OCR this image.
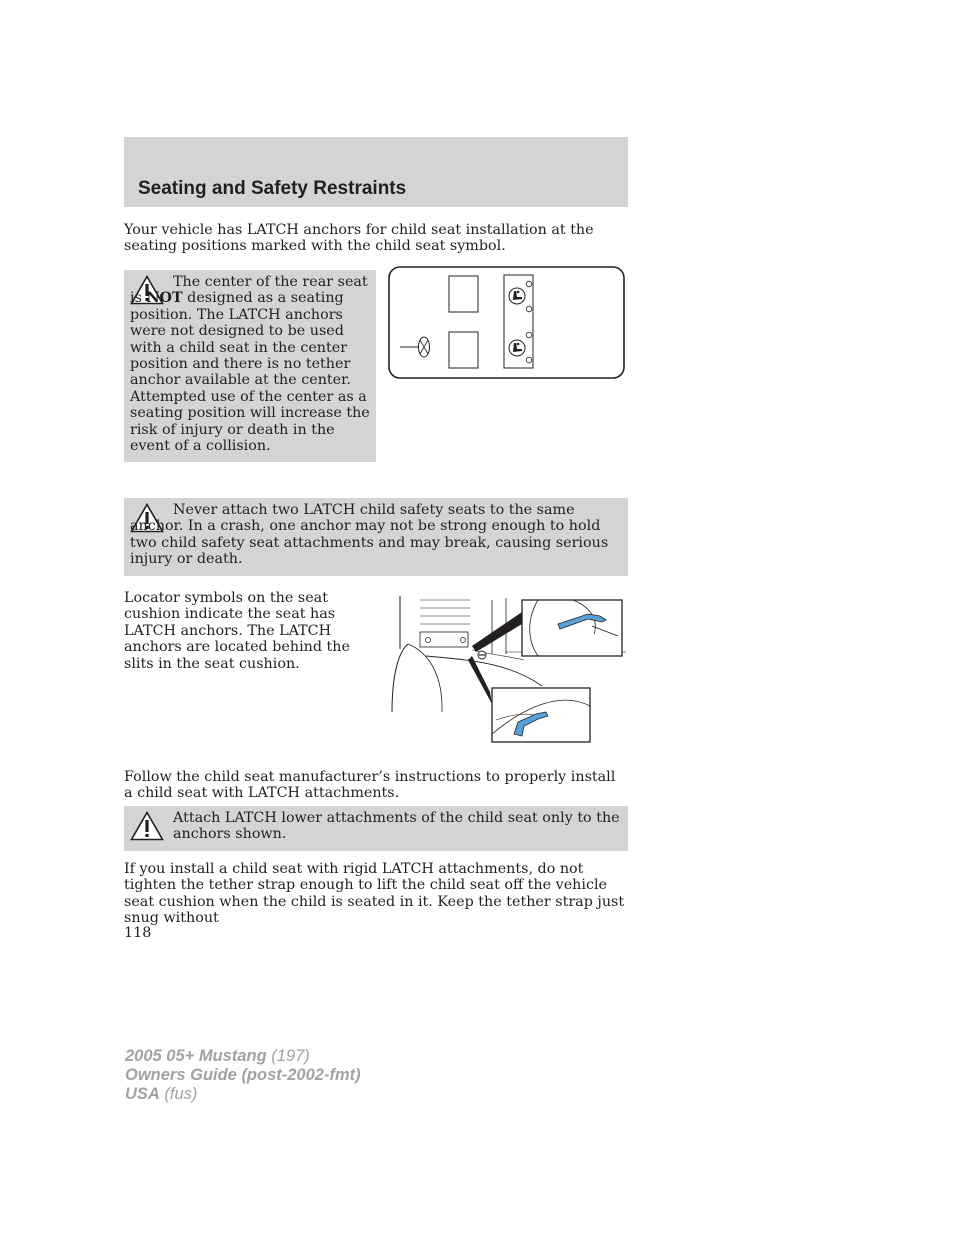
Seating and Safety Restraints

Your vehicle has LATCH anchors for child seat installation at the seating positions marked with the child seat symbol.

The center of the rear seat is NOT designed as a seating position. The LATCH anchors were not designed to be used with a child seat in the center position and there is no tether anchor available at the center. Attempted use of the center as a seating position will increase the risk of injury or death in the event of a collision.

Never attach two LATCH child safety seats to the same anchor. In a crash, one anchor may not be strong enough to hold two child safety seat attachments and may break, causing serious injury or death.

Locator symbols on the seat cushion indicate the seat has LATCH anchors. The LATCH anchors are located behind the slits in the seat cushion.

Follow the child seat manufacturer’s instructions to properly install a child seat with LATCH attachments.

Attach LATCH lower attachments of the child seat only to the anchors shown.

If you install a child seat with rigid LATCH attachments, do not tighten the tether strap enough to lift the child seat off the vehicle seat cushion when the child is seated in it. Keep the tether strap just snug without

118
2005 05+ Mustang (197)
Owners Guide (post-2002-fmt)
USA (fus)
